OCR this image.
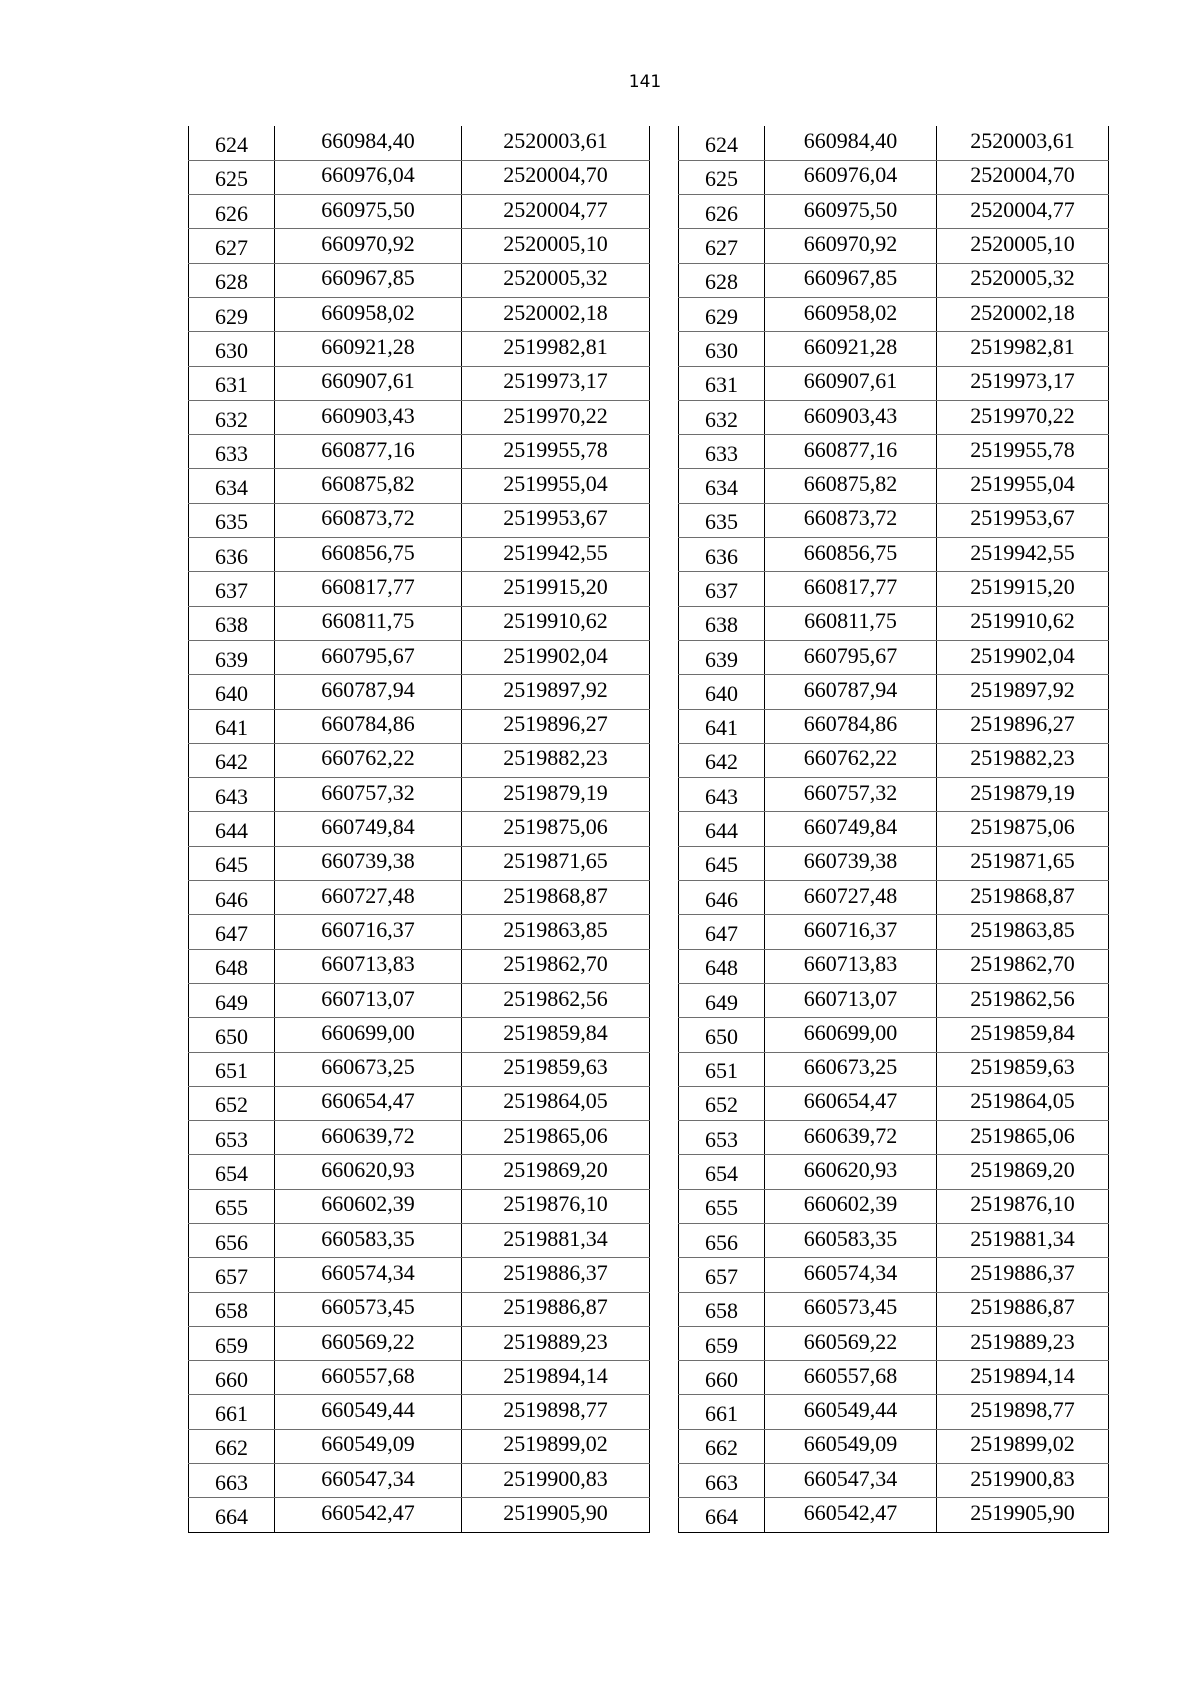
141
624	660984,40	2520003,61
625	660976,04	2520004,70
626	660975,50	2520004,77
627	660970,92	2520005,10
628	660967,85	2520005,32
629	660958,02	2520002,18
630	660921,28	2519982,81
631	660907,61	2519973,17
632	660903,43	2519970,22
633	660877,16	2519955,78
634	660875,82	2519955,04
635	660873,72	2519953,67
636	660856,75	2519942,55
637	660817,77	2519915,20
638	660811,75	2519910,62
639	660795,67	2519902,04
640	660787,94	2519897,92
641	660784,86	2519896,27
642	660762,22	2519882,23
643	660757,32	2519879,19
644	660749,84	2519875,06
645	660739,38	2519871,65
646	660727,48	2519868,87
647	660716,37	2519863,85
648	660713,83	2519862,70
649	660713,07	2519862,56
650	660699,00	2519859,84
651	660673,25	2519859,63
652	660654,47	2519864,05
653	660639,72	2519865,06
654	660620,93	2519869,20
655	660602,39	2519876,10
656	660583,35	2519881,34
657	660574,34	2519886,37
658	660573,45	2519886,87
659	660569,22	2519889,23
660	660557,68	2519894,14
661	660549,44	2519898,77
662	660549,09	2519899,02
663	660547,34	2519900,83
664	660542,47	2519905,90
624	660984,40	2520003,61
625	660976,04	2520004,70
626	660975,50	2520004,77
627	660970,92	2520005,10
628	660967,85	2520005,32
629	660958,02	2520002,18
630	660921,28	2519982,81
631	660907,61	2519973,17
632	660903,43	2519970,22
633	660877,16	2519955,78
634	660875,82	2519955,04
635	660873,72	2519953,67
636	660856,75	2519942,55
637	660817,77	2519915,20
638	660811,75	2519910,62
639	660795,67	2519902,04
640	660787,94	2519897,92
641	660784,86	2519896,27
642	660762,22	2519882,23
643	660757,32	2519879,19
644	660749,84	2519875,06
645	660739,38	2519871,65
646	660727,48	2519868,87
647	660716,37	2519863,85
648	660713,83	2519862,70
649	660713,07	2519862,56
650	660699,00	2519859,84
651	660673,25	2519859,63
652	660654,47	2519864,05
653	660639,72	2519865,06
654	660620,93	2519869,20
655	660602,39	2519876,10
656	660583,35	2519881,34
657	660574,34	2519886,37
658	660573,45	2519886,87
659	660569,22	2519889,23
660	660557,68	2519894,14
661	660549,44	2519898,77
662	660549,09	2519899,02
663	660547,34	2519900,83
664	660542,47	2519905,90
